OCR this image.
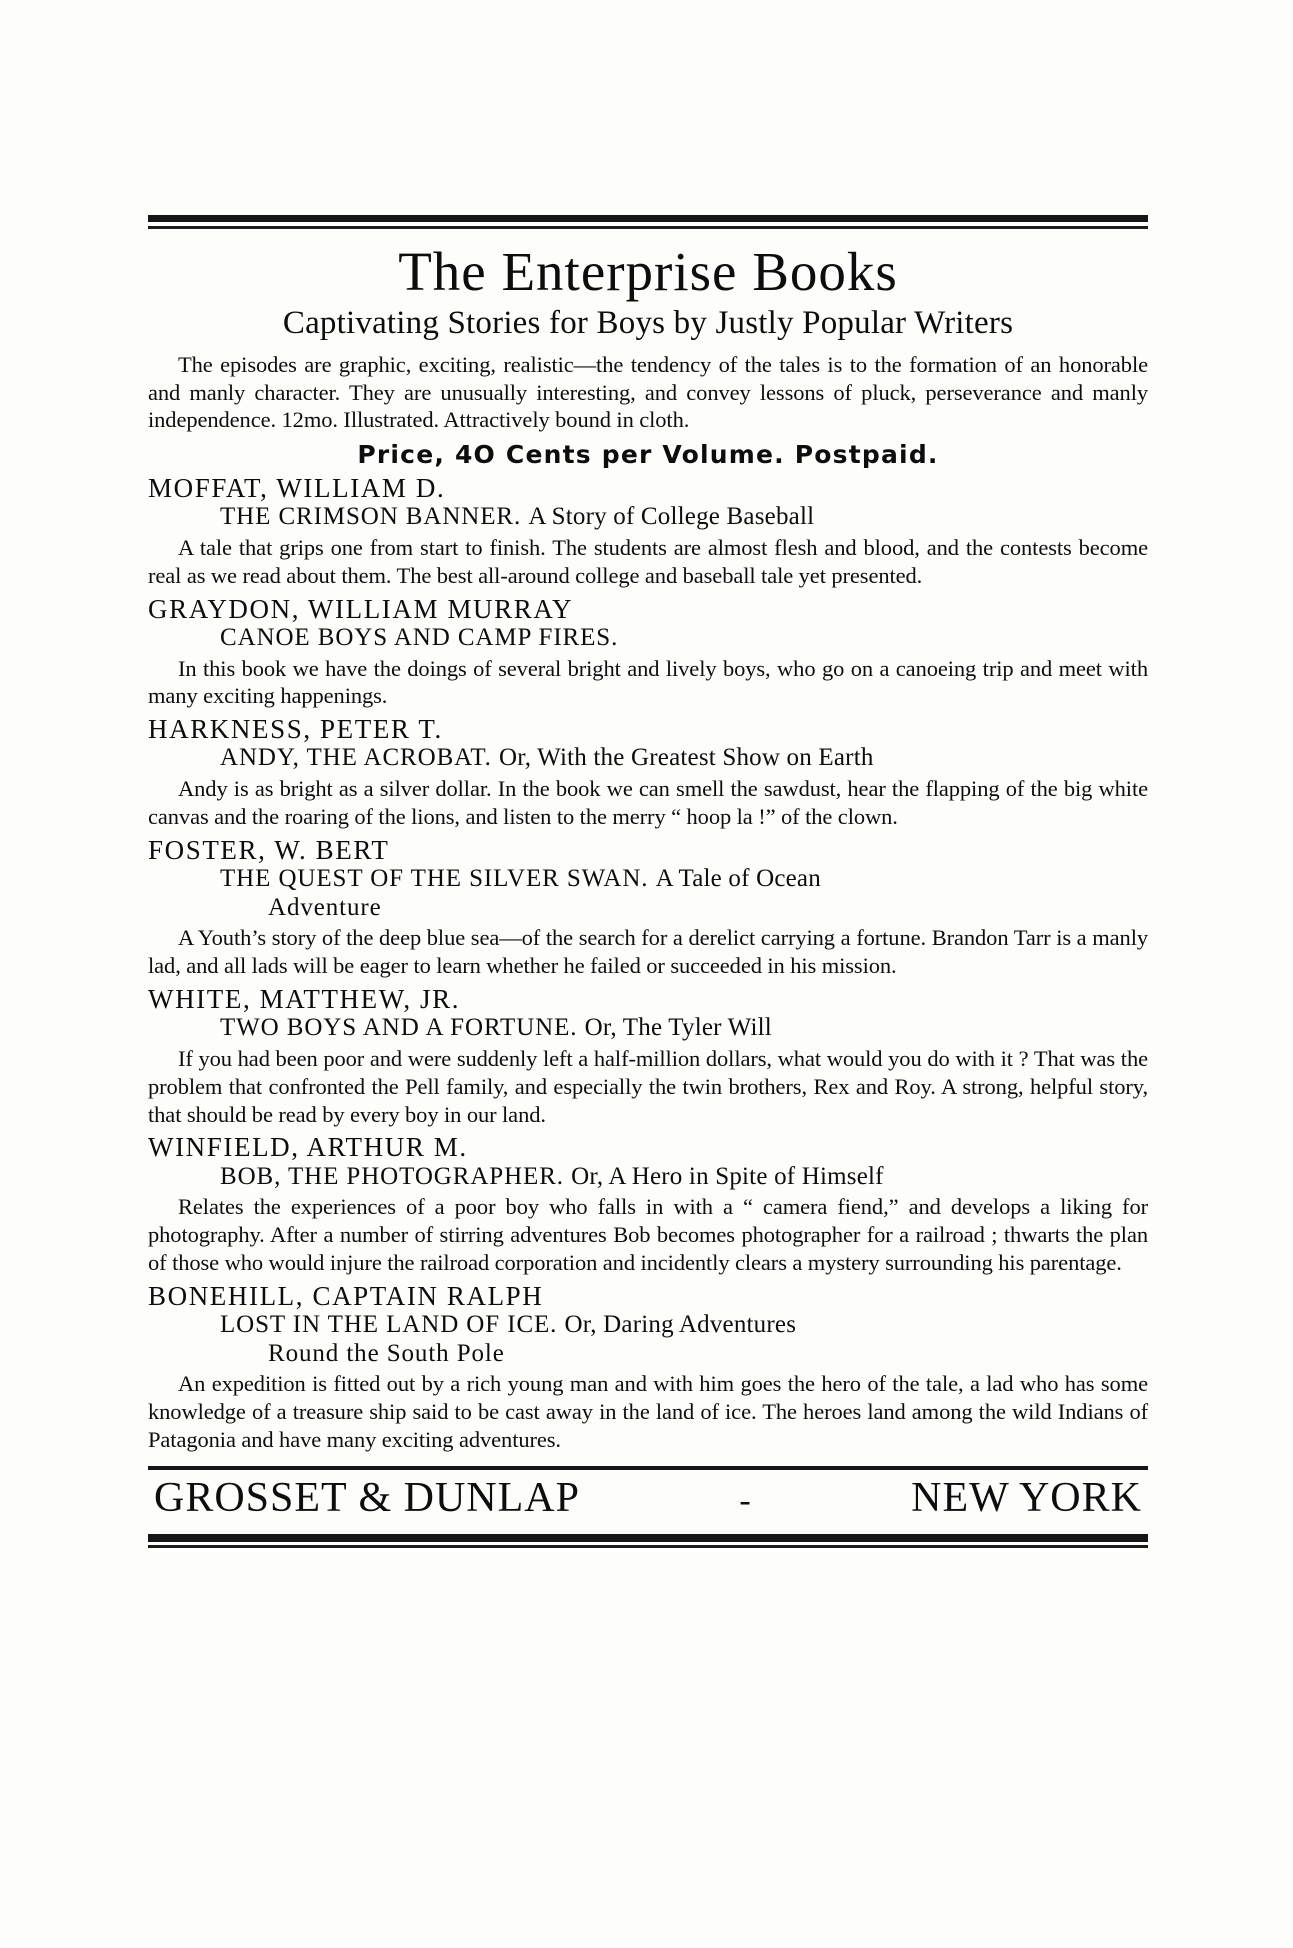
The Enterprise Books
Captivating Stories for Boys by Justly Popular Writers

The episodes are graphic, exciting, realistic—the tendency of the tales is to the formation of an honorable and manly character. They are unusually interesting, and convey lessons of pluck, perseverance and manly independence. 12mo. Illustrated. Attractively bound in cloth.

Price, 4O Cents per Volume. Postpaid.
MOFFAT, WILLIAM D.
THE CRIMSON BANNER. A Story of College Baseball

A tale that grips one from start to finish. The students are almost flesh and blood, and the contests become real as we read about them. The best all-around college and baseball tale yet presented.

GRAYDON, WILLIAM MURRAY
CANOE BOYS AND CAMP FIRES.

In this book we have the doings of several bright and lively boys, who go on a canoeing trip and meet with many exciting happenings.

HARKNESS, PETER T.
ANDY, THE ACROBAT. Or, With the Greatest Show on Earth

Andy is as bright as a silver dollar. In the book we can smell the sawdust, hear the flapping of the big white canvas and the roaring of the lions, and listen to the merry “ hoop la !” of the clown.

FOSTER, W. BERT
THE QUEST OF THE SILVER SWAN. A Tale of Ocean
Adventure

A Youth’s story of the deep blue sea—of the search for a derelict carrying a fortune. Brandon Tarr is a manly lad, and all lads will be eager to learn whether he failed or succeeded in his mission.

WHITE, MATTHEW, JR.
TWO BOYS AND A FORTUNE. Or, The Tyler Will

If you had been poor and were suddenly left a half-million dollars, what would you do with it ? That was the problem that confronted the Pell family, and especially the twin brothers, Rex and Roy. A strong, helpful story, that should be read by every boy in our land.

WINFIELD, ARTHUR M.
BOB, THE PHOTOGRAPHER. Or, A Hero in Spite of Himself

Relates the experiences of a poor boy who falls in with a “ camera fiend,” and develops a liking for photography. After a number of stirring adventures Bob becomes photographer for a railroad ; thwarts the plan of those who would injure the railroad corporation and incidently clears a mystery surrounding his parentage.

BONEHILL, CAPTAIN RALPH
LOST IN THE LAND OF ICE. Or, Daring Adventures
Round the South Pole

An expedition is fitted out by a rich young man and with him goes the hero of the tale, a lad who has some knowledge of a treasure ship said to be cast away in the land of ice. The heroes land among the wild Indians of Patagonia and have many exciting adventures.

GROSSET & DUNLAP	-	NEW YORK
